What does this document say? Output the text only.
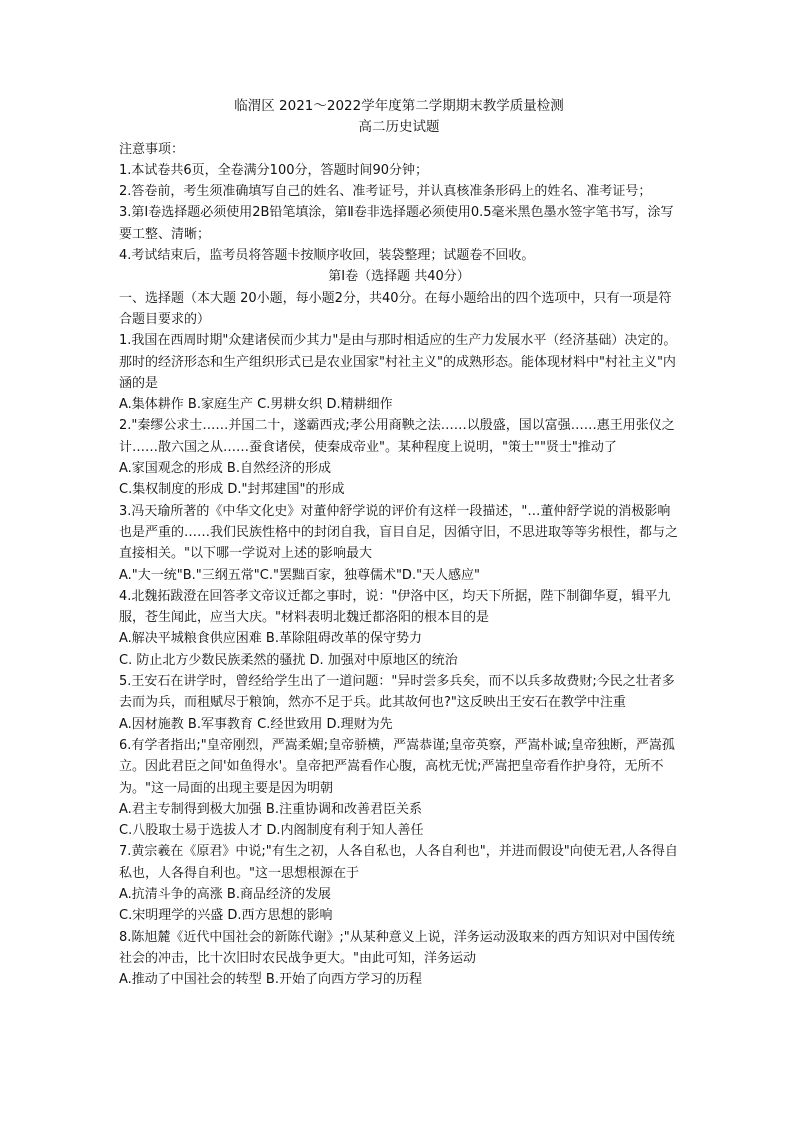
临渭区 2021～2022学年度第二学期期末教学质量检测
高二历史试题

注意事项：

1.本试卷共6页，全卷满分100分，答题时间90分钟；

2.答卷前，考生须准确填写自己的姓名、准考证号，并认真核准条形码上的姓名、准考证号；

3.第Ⅰ卷选择题必须使用2B铅笔填涂，第Ⅱ卷非选择题必须使用0.5毫米黑色墨水签字笔书写，涂写要工整、清晰；

4.考试结束后，监考员将答题卡按顺序收回，装袋整理；试题卷不回收。

第Ⅰ卷（选择题 共40分）

一、选择题（本大题 20小题，每小题2分，共40分。在每小题给出的四个选项中，只有一项是符合题目要求的）

1.我国在西周时期"众建诸侯而少其力"是由与那时相适应的生产力发展水平（经济基础）决定的。那时的经济形态和生产组织形式已是农业国家"村社主义"的成熟形态。能体现材料中"村社主义"内涵的是

A.集体耕作 B.家庭生产 C.男耕女织 D.精耕细作

2."秦缪公求士……并国二十，遂霸西戎;孝公用商鞅之法……以殷盛，国以富强……惠王用张仪之计……散六国之从……蚕食诸侯，使秦成帝业"。某种程度上说明，"策士""贤士"推动了

A.家国观念的形成 B.自然经济的形成

C.集权制度的形成 D."封邦建国"的形成

3.冯天瑜所著的《中华文化史》对董仲舒学说的评价有这样一段描述，"…董仲舒学说的消极影响也是严重的……我们民族性格中的封闭自我，盲目自足，因循守旧，不思进取等等劣根性，都与之直接相关。"以下哪一学说对上述的影响最大

A."大一统"B."三纲五常"C."罢黜百家，独尊儒术"D."天人感应"

4.北魏拓跋澄在回答孝文帝议迁都之事时，说："伊洛中区，均天下所据，陛下制御华夏，辑平九服，苍生闻此，应当大庆。"材料表明北魏迁都洛阳的根本目的是

A.解决平城粮食供应困难 B.革除阻碍改革的保守势力

C. 防止北方少数民族柔然的骚扰 D. 加强对中原地区的统治

5.王安石在讲学时，曾经给学生出了一道问题："异时尝多兵矣，而不以兵多故费财;今民之壮者多去而为兵，而租赋尽于粮饷，然亦不足于兵。此其故何也?"这反映出王安石在教学中注重

A.因材施教 B.军事教育 C.经世致用 D.理财为先

6.有学者指出;"皇帝刚烈，严嵩柔媚;皇帝骄横，严嵩恭谨;皇帝英察，严嵩朴诚;皇帝独断，严嵩孤立。因此君臣之间'如鱼得水'。皇帝把严嵩看作心腹，高枕无忧;严嵩把皇帝看作护身符，无所不为。"这一局面的出现主要是因为明朝

A.君主专制得到极大加强 B.注重协调和改善君臣关系

C.八股取士易于选拔人才 D.内阁制度有利于知人善任

7.黄宗羲在《原君》中说;"有生之初，人各自私也，人各自利也"，并进而假设"向使无君,人各得自私也，人各得自利也。"这一思想根源在于

A.抗清斗争的高涨 B.商品经济的发展

C.宋明理学的兴盛 D.西方思想的影响

8.陈旭麓《近代中国社会的新陈代谢》;"从某种意义上说，洋务运动汲取来的西方知识对中国传统社会的冲击，比十次旧时农民战争更大。"由此可知，洋务运动

A.推动了中国社会的转型 B.开始了向西方学习的历程
